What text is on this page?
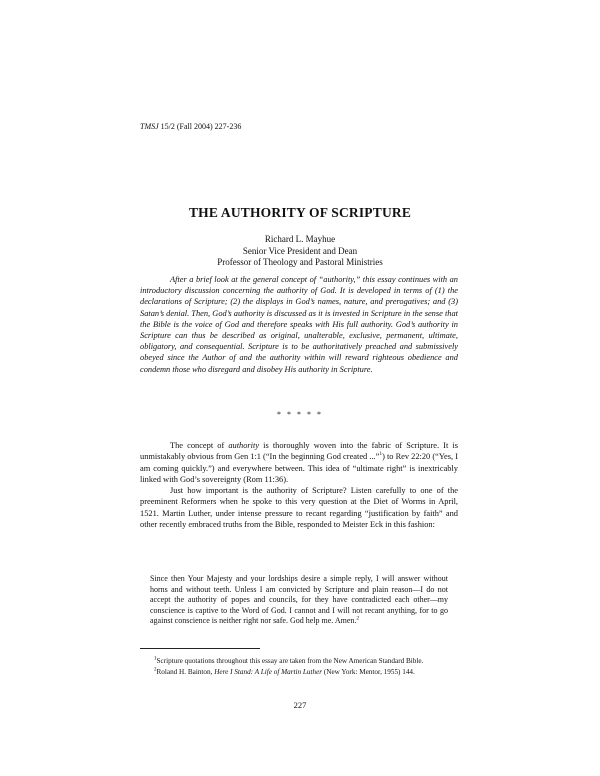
TMSJ 15/2 (Fall 2004) 227-236
THE AUTHORITY OF SCRIPTURE
Richard L. Mayhue
Senior Vice President and Dean
Professor of Theology and Pastoral Ministries

After a brief look at the general concept of “authority,” this essay continues with an introductory discussion concerning the authority of God. It is developed in terms of (1) the declarations of Scripture; (2) the displays in God’s names, nature, and prerogatives; and (3) Satan’s denial. Then, God’s authority is discussed as it is invested in Scripture in the sense that the Bible is the voice of God and therefore speaks with His full authority. God’s authority in Scripture can thus be described as original, unalterable, exclusive, permanent, ultimate, obligatory, and consequential. Scripture is to be authoritatively preached and submissively obeyed since the Author of and the authority within will reward righteous obedience and condemn those who disregard and disobey His authority in Scripture.

* * * * *

The concept of authority is thoroughly woven into the fabric of Scripture. It is unmistakably obvious from Gen 1:1 (“In the beginning God created ...”$^1$) to Rev 22:20 (“Yes, I am coming quickly.”) and everywhere between. This idea of “ultimate right” is inextricably linked with God’s sovereignty (Rom 11:36).

Just how important is the authority of Scripture? Listen carefully to one of the preeminent Reformers when he spoke to this very question at the Diet of Worms in April, 1521. Martin Luther, under intense pressure to recant regarding “justification by faith” and other recently embraced truths from the Bible, responded to Meister Eck in this fashion:

Since then Your Majesty and your lordships desire a simple reply, I will answer without horns and without teeth. Unless I am convicted by Scripture and plain reason—I do not accept the authority of popes and councils, for they have contradicted each other—my conscience is captive to the Word of God. I cannot and I will not recant anything, for to go against conscience is neither right nor safe. God help me. Amen.$^2$

$^1$Scripture quotations throughout this essay are taken from the New American Standard Bible.

$^2$Roland H. Bainton, Here I Stand: A Life of Martin Luther (New York: Mentor, 1955) 144.

227
